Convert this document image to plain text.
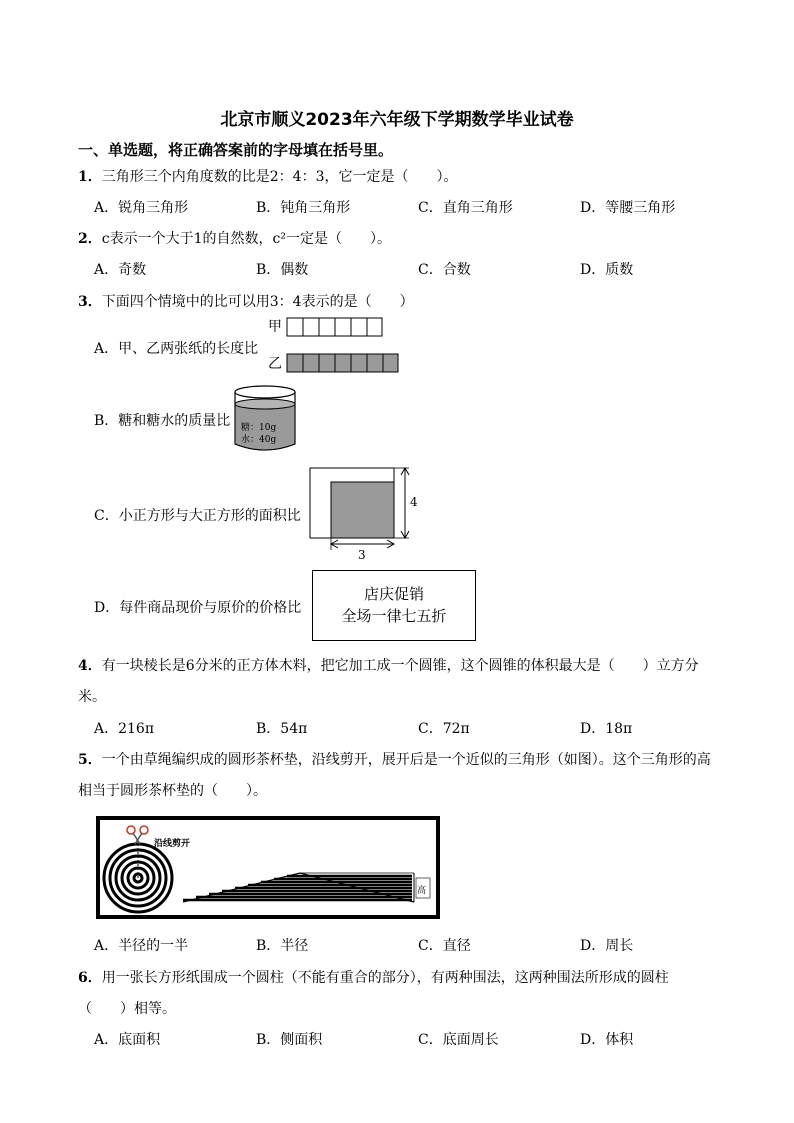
北京市顺义2023年六年级下学期数学毕业试卷
一、单选题，将正确答案前的字母填在括号里。
1．三角形三个内角度数的比是2：4：3，它一定是（　　）。
A．锐角三角形	B．钝角三角形	C．直角三角形	D．等腰三角形
2．c表示一个大于1的自然数，c²一定是（　　）。
A．奇数	B．偶数	C．合数	D．质数
3．下面四个情境中的比可以用3：4表示的是（　　）
A．甲、乙两张纸的长度比
甲
乙
B．糖和糖水的质量比 糖：10g
水：40g
C．小正方形与大正方形的面积比
4
3
D．每件商品现价与原价的价格比
店庆促销
全场一律七五折
4．有一块棱长是6分米的正方体木料，把它加工成一个圆锥，这个圆锥的体积最大是（　　）立方分
米。
A．216π	B．54π	C．72π	D．18π
5．一个由草绳编织成的圆形茶杯垫，沿线剪开，展开后是一个近似的三角形（如图）。这个三角形的高
相当于圆形茶杯垫的（　　）。
沿线剪开
高
A．半径的一半	B．半径	C．直径	D．周长
6．用一张长方形纸围成一个圆柱（不能有重合的部分），有两种围法，这两种围法所形成的圆柱
（　　）相等。
A．底面积	B．侧面积	C．底面周长	D．体积
